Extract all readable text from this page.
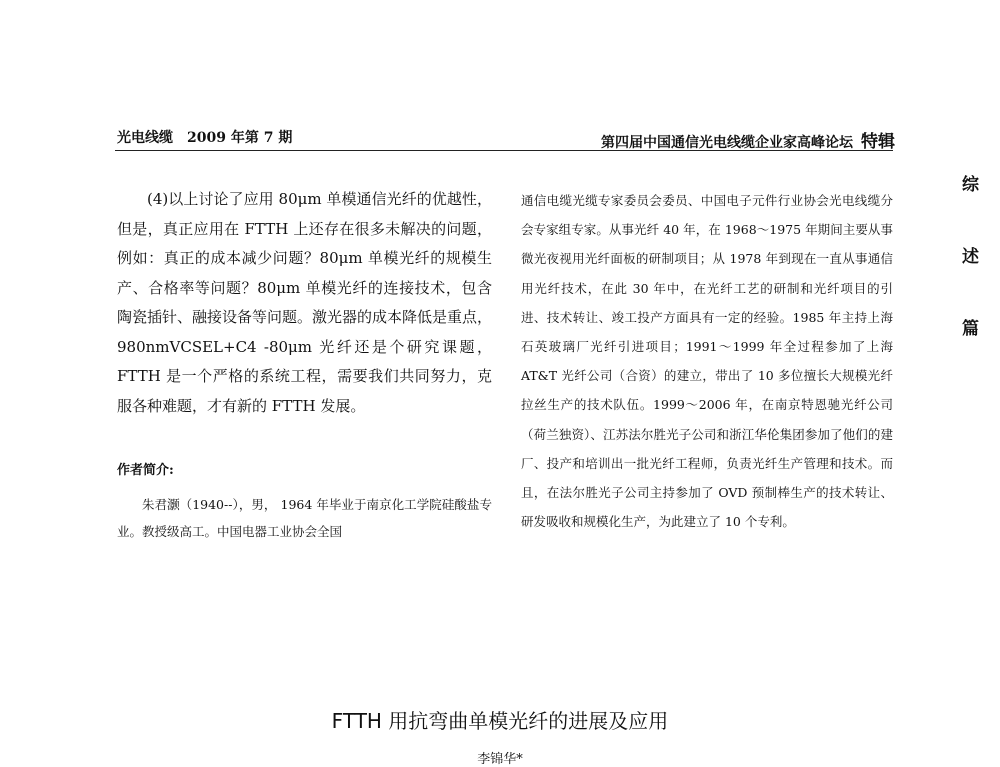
光电线缆　2009 年第 7 期	第四届中国通信光电线缆企业家高峰论坛 特辑
综
述
篇

(4)以上讨论了应用 80μm 单模通信光纤的优越性，但是，真正应用在 FTTH 上还存在很多未解决的问题，例如：真正的成本减少问题？80μm 单模光纤的规模生产、合格率等问题？80μm 单模光纤的连接技术，包含陶瓷插针、融接设备等问题。激光器的成本降低是重点，980nmVCSEL+C4 -80μm 光纤还是个研究课题，FTTH 是一个严格的系统工程，需要我们共同努力，克服各种难题，才有新的 FTTH 发展。

作者简介:

朱君灏（1940--），男， 1964 年毕业于南京化工学院硅酸盐专业。教授级高工。中国电器工业协会全国

通信电缆光缆专家委员会委员、中国电子元件行业协会光电线缆分会专家组专家。从事光纤 40 年，在 1968～1975 年期间主要从事微光夜视用光纤面板的研制项目；从 1978 年到现在一直从事通信用光纤技术，在此 30 年中，在光纤工艺的研制和光纤项目的引进、技术转让、竣工投产方面具有一定的经验。1985 年主持上海石英玻璃厂光纤引进项目；1991～1999 年全过程参加了上海 AT&T 光纤公司（合资）的建立，带出了 10 多位擅长大规模光纤拉丝生产的技术队伍。1999～2006 年，在南京特恩驰光纤公司（荷兰独资）、江苏法尔胜光子公司和浙江华伦集团参加了他们的建厂、投产和培训出一批光纤工程师，负责光纤生产管理和技术。而且，在法尔胜光子公司主持参加了 OVD 预制棒生产的技术转让、研发吸收和规模化生产，为此建立了 10 个专利。

FTTH 用抗弯曲单模光纤的进展及应用
李锦华*
